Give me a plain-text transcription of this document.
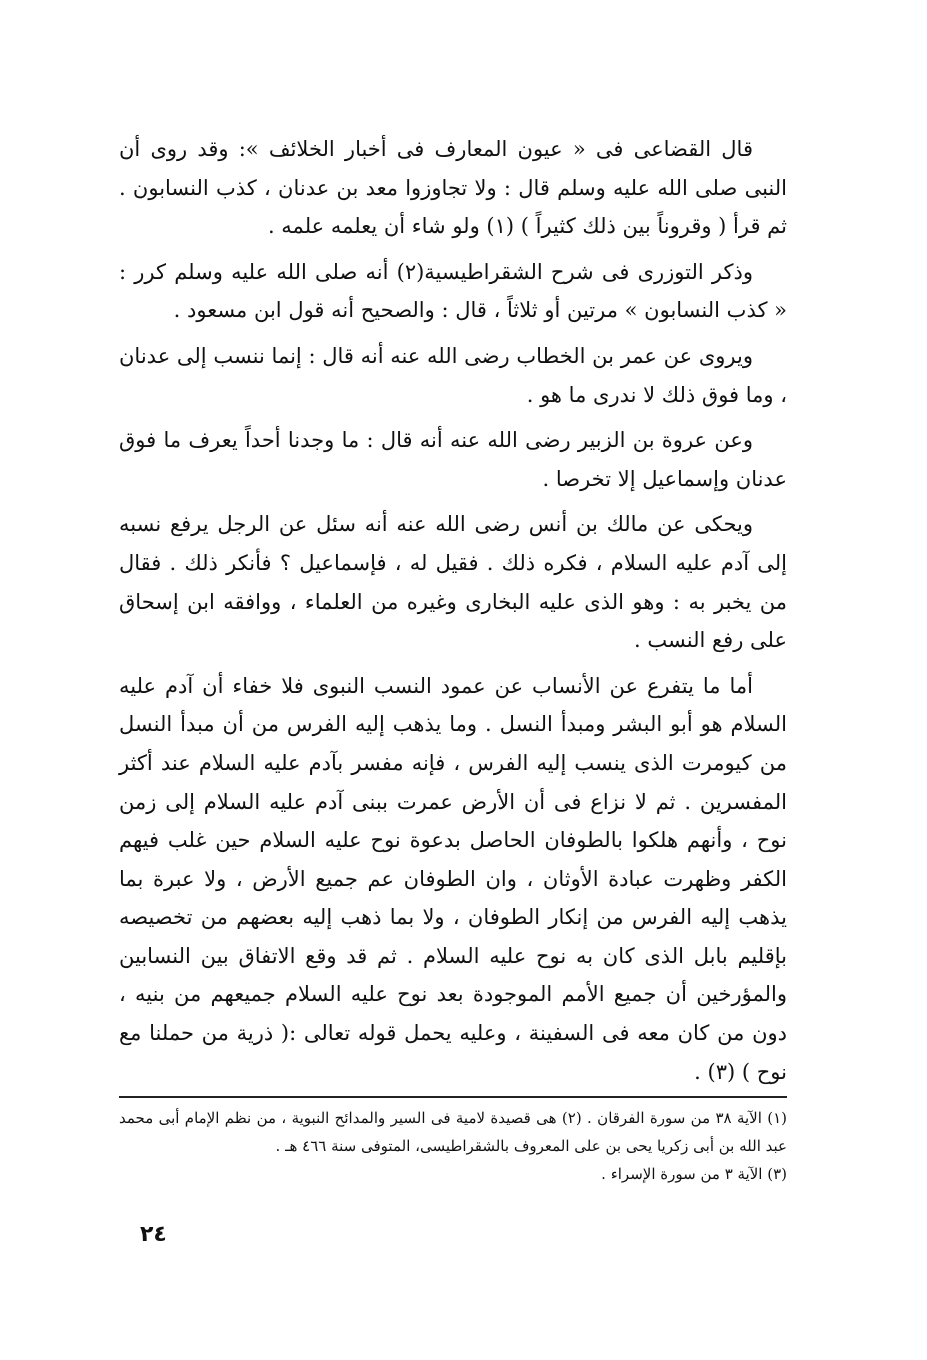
قال القضاعى فى « عيون المعارف فى أخبار الخلائف »: وقد روى أن النبى صلى الله عليه وسلم قال : ولا تجاوزوا معد بن عدنان ، كذب النسابون . ثم قرأ ( وقروناً بين ذلك كثيراً ) (١) ولو شاء أن يعلمه علمه .

وذكر التوزرى فى شرح الشقراطيسية(٢) أنه صلى الله عليه وسلم كرر : « كذب النسابون » مرتين أو ثلاثاً ، قال : والصحيح أنه قول ابن مسعود .

ويروى عن عمر بن الخطاب رضى الله عنه أنه قال : إنما ننسب إلى عدنان ، وما فوق ذلك لا ندرى ما هو .

وعن عروة بن الزبير رضى الله عنه أنه قال : ما وجدنا أحداً يعرف ما فوق عدنان وإسماعيل إلا تخرصا .

ويحكى عن مالك بن أنس رضى الله عنه أنه سئل عن الرجل يرفع نسبه إلى آدم عليه السلام ، فكره ذلك . فقيل له ، فإسماعيل ؟ فأنكر ذلك . فقال من يخبر به : وهو الذى عليه البخارى وغيره من العلماء ، ووافقه ابن إسحاق على رفع النسب .

أما ما يتفرع عن الأنساب عن عمود النسب النبوى فلا خفاء أن آدم عليه السلام هو أبو البشر ومبدأ النسل . وما يذهب إليه الفرس من أن مبدأ النسل من كيومرت الذى ينسب إليه الفرس ، فإنه مفسر بآدم عليه السلام عند أكثر المفسرين . ثم لا نزاع فى أن الأرض عمرت ببنى آدم عليه السلام إلى زمن نوح ، وأنهم هلكوا بالطوفان الحاصل بدعوة نوح عليه السلام حين غلب فيهم الكفر وظهرت عبادة الأوثان ، وان الطوفان عم جميع الأرض ، ولا عبرة بما يذهب إليه الفرس من إنكار الطوفان ، ولا بما ذهب إليه بعضهم من تخصيصه بإقليم بابل الذى كان به نوح عليه السلام . ثم قد وقع الاتفاق بين النسابين والمؤرخين أن جميع الأمم الموجودة بعد نوح عليه السلام جميعهم من بنيه ، دون من كان معه فى السفينة ، وعليه يحمل قوله تعالى :( ذرية من حملنا مع نوح ) (٣) .

(١) الآية ٣٨ من سورة الفرقان . (٢) هى قصيدة لامية فى السير والمدائح النبوية ، من نظم الإمام أبى محمد عبد الله بن أبى زكريا يحى بن على المعروف بالشقراطيسى، المتوفى سنة ٤٦٦ هـ .

(٣) الآية ٣ من سورة الإسراء .

٢٤
